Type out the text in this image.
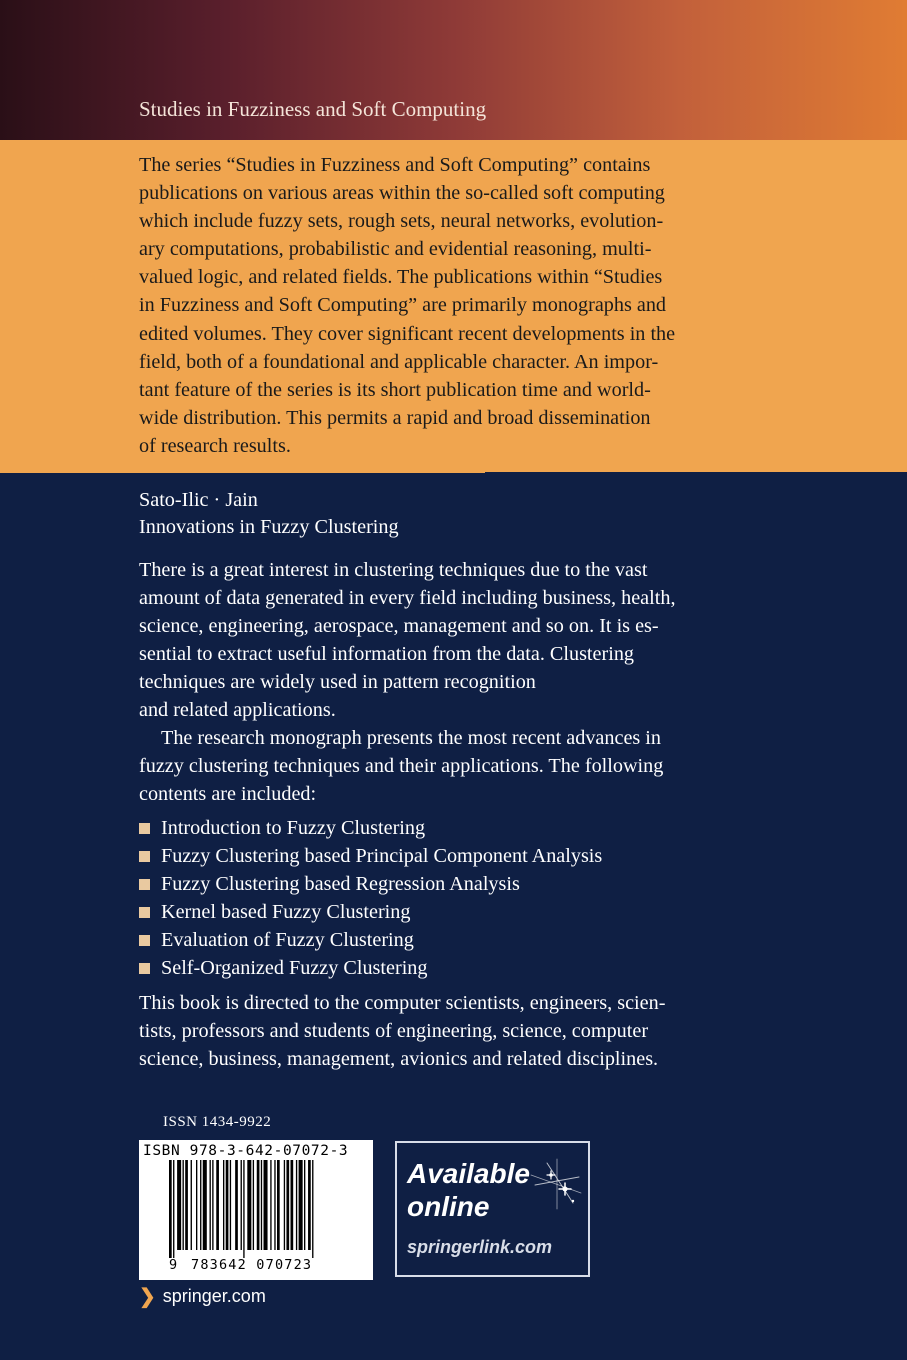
Studies in Fuzziness and Soft Computing
The series “Studies in Fuzziness and Soft Computing” contains
publications on various areas within the so-called soft computing
which include fuzzy sets, rough sets, neural networks, evolution-
ary computations, probabilistic and evidential reasoning, multi-
valued logic, and related fields. The publications within “Studies
in Fuzziness and Soft Computing” are primarily monographs and
edited volumes. They cover significant recent developments in the
field, both of a foundational and applicable character. An impor-
tant feature of the series is its short publication time and world-
wide distribution. This permits a rapid and broad dissemination
of research results.
Sato-Ilic · Jain
Innovations in Fuzzy Clustering
There is a great interest in clustering techniques due to the vast
amount of data generated in every field including business, health,
science, engineering, aerospace, management and so on. It is es-
sential to extract useful information from the data. Clustering
techniques are widely used in pattern recognition
and related applications.
The research monograph presents the most recent advances in
fuzzy clustering techniques and their applications. The following
contents are included:
Introduction to Fuzzy Clustering
Fuzzy Clustering based Principal Component Analysis
Fuzzy Clustering based Regression Analysis
Kernel based Fuzzy Clustering
Evaluation of Fuzzy Clustering
Self-Organized Fuzzy Clustering
This book is directed to the computer scientists, engineers, scien-
tists, professors and students of engineering, science, computer
science, business, management, avionics and related disciplines.
ISSN 1434-9922
ISBN 978-3-642-07072-3
9 783642 070723
Available
online
springerlink.com
❯ springer.com
